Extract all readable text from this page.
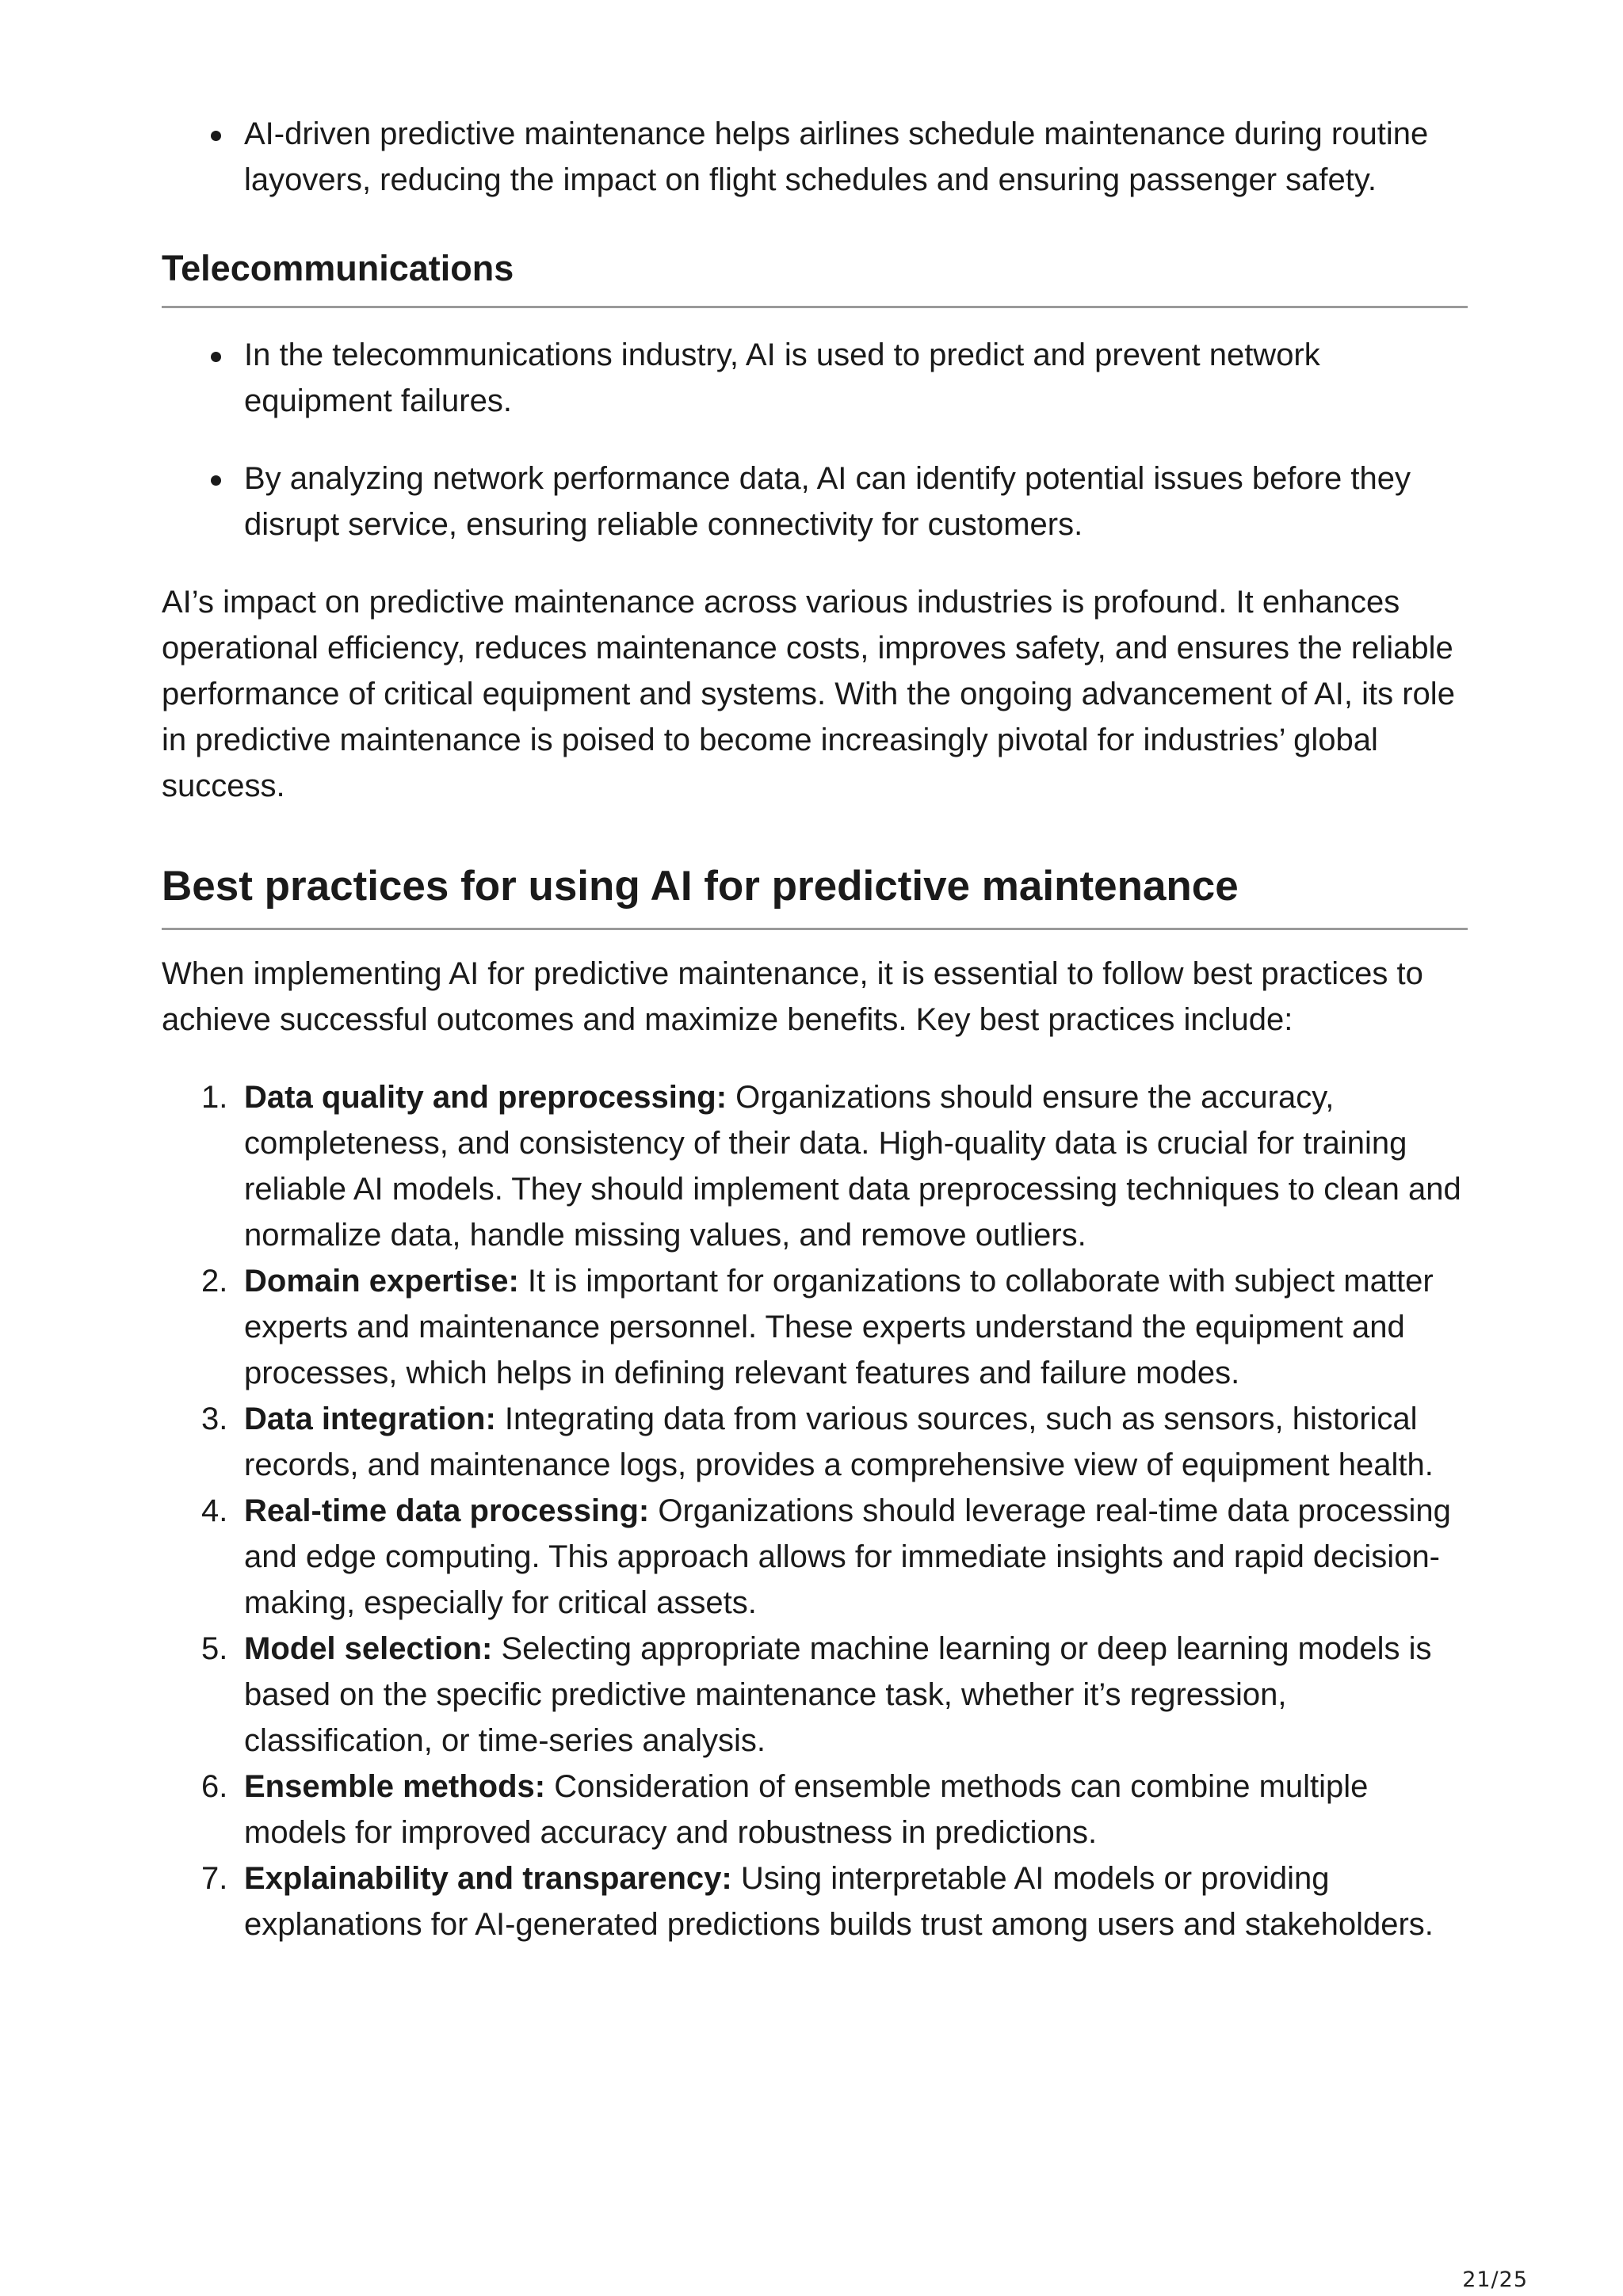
AI-driven predictive maintenance helps airlines schedule maintenance during routine layovers, reducing the impact on flight schedules and ensuring passenger safety.
Telecommunications
In the telecommunications industry, AI is used to predict and prevent network equipment failures.
By analyzing network performance data, AI can identify potential issues before they disrupt service, ensuring reliable connectivity for customers.

AI’s impact on predictive maintenance across various industries is profound. It enhances operational efficiency, reduces maintenance costs, improves safety, and ensures the reliable performance of critical equipment and systems. With the ongoing advancement of AI, its role in predictive maintenance is poised to become increasingly pivotal for industries’ global success.

Best practices for using AI for predictive maintenance

When implementing AI for predictive maintenance, it is essential to follow best practices to achieve successful outcomes and maximize benefits. Key best practices include:

1. Data quality and preprocessing: Organizations should ensure the accuracy, completeness, and consistency of their data. High-quality data is crucial for training reliable AI models. They should implement data preprocessing techniques to clean and normalize data, handle missing values, and remove outliers.
2. Domain expertise: It is important for organizations to collaborate with subject matter experts and maintenance personnel. These experts understand the equipment and processes, which helps in defining relevant features and failure modes.
3. Data integration: Integrating data from various sources, such as sensors, historical records, and maintenance logs, provides a comprehensive view of equipment health.
4. Real-time data processing: Organizations should leverage real-time data processing and edge computing. This approach allows for immediate insights and rapid decision-making, especially for critical assets.
5. Model selection: Selecting appropriate machine learning or deep learning models is based on the specific predictive maintenance task, whether it’s regression, classification, or time-series analysis.
6. Ensemble methods: Consideration of ensemble methods can combine multiple models for improved accuracy and robustness in predictions.
7. Explainability and transparency: Using interpretable AI models or providing explanations for AI-generated predictions builds trust among users and stakeholders.
21/25
